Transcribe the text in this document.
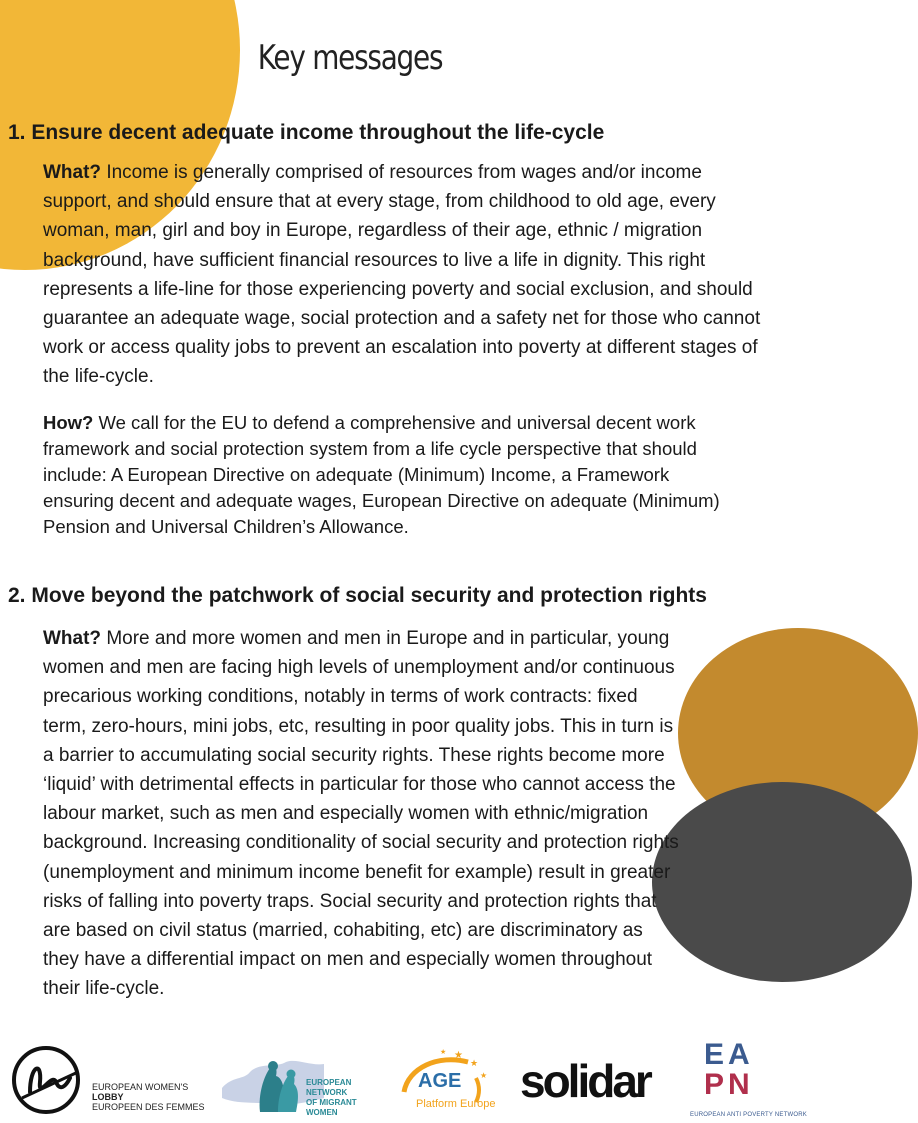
Key messages
1. Ensure decent adequate income throughout the life-cycle

What? Income is generally comprised of resources from wages and/or income support, and should ensure that at every stage, from childhood to old age, every woman, man, girl and boy in Europe, regardless of their age, ethnic / migration background, have sufficient financial resources to live a life in dignity. This right represents a life-line for those experiencing poverty and social exclusion, and should guarantee an adequate wage, social protection and a safety net for those who cannot work or access quality jobs to prevent an escalation into poverty at different stages of the life-cycle.

How? We call for the EU to defend a comprehensive and universal decent work framework and social protection system from a life cycle perspective that should include: A European Directive on adequate (Minimum) Income, a Framework ensuring decent and adequate wages, European Directive on adequate (Minimum) Pension and Universal Children’s Allowance.

2. Move beyond the patchwork of social security and protection rights

What? More and more women and men in Europe and in particular, young women and men are facing high levels of unemployment and/or continuous precarious working conditions, notably in terms of work contracts: fixed term, zero-hours, mini jobs, etc, resulting in poor quality jobs. This in turn is a barrier to accumulating social security rights. These rights become more ‘liquid’ with detrimental effects in particular for those who cannot access the labour market, such as men and especially women with ethnic/migration background. Increasing conditionality of social security and protection rights (unemployment and minimum income benefit for example) result in greater risks of falling into poverty traps. Social security and protection rights that are based on civil status (married, cohabiting, etc) are discriminatory as they have a differential impact on men and especially women throughout their life-cycle.

EUROPEAN WOMEN'S
LOBBY
EUROPEEN DES FEMMES
EUROPEAN NETWORK
OF MIGRANT WOMEN
★
★
★
★
AGE
Platform Europe solidar
EA
PN
EUROPEAN ANTI POVERTY NETWORK
